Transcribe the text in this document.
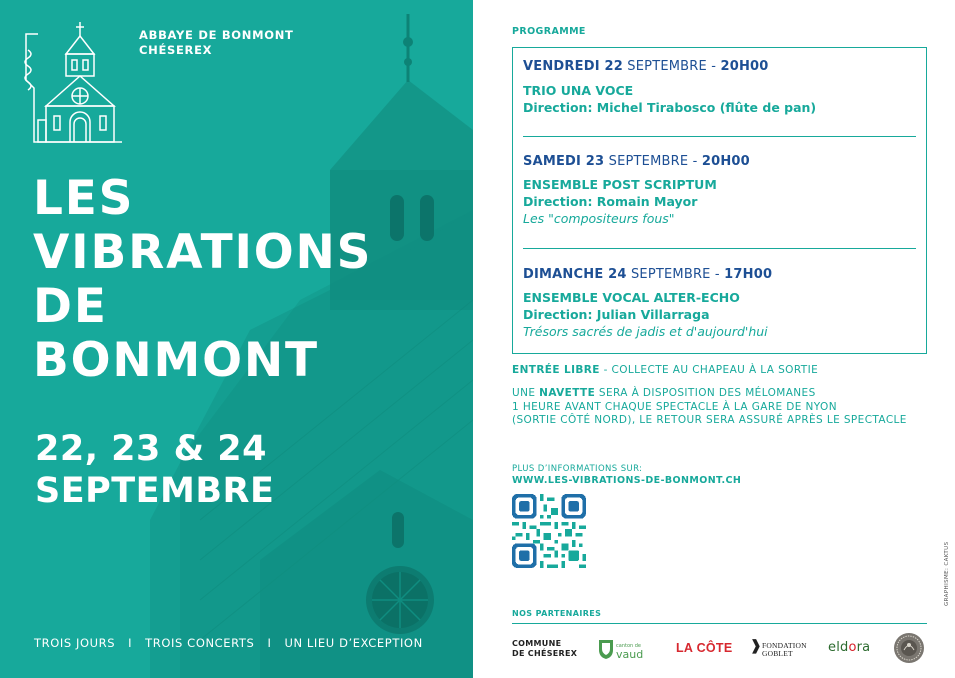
ABBAYE DE BONMONT
CHÉSEREX
LES
VIBRATIONS
DE
BONMONT
22, 23 & 24
SEPTEMBRE
TROIS JOURS I TROIS CONCERTS I UN LIEU D’EXCEPTION
PROGRAMME
VENDREDI 22 SEPTEMBRE - 20H00
TRIO UNA VOCE
Direction: Michel Tirabosco (flûte de pan)
SAMEDI 23 SEPTEMBRE - 20H00
ENSEMBLE POST SCRIPTUM
Direction: Romain Mayor
Les "compositeurs fous"
DIMANCHE 24 SEPTEMBRE - 17H00
ENSEMBLE VOCAL ALTER-ECHO
Direction: Julian Villarraga
Trésors sacrés de jadis et d'aujourd'hui
ENTRÉE LIBRE - COLLECTE AU CHAPEAU À LA SORTIE
UNE NAVETTE SERA À DISPOSITION DES MÉLOMANES
1 HEURE AVANT CHAQUE SPECTACLE À LA GARE DE NYON
(SORTIE CÔTÉ NORD), LE RETOUR SERA ASSURÉ APRÈS LE SPECTACLE
PLUS D’INFORMATIONS SUR:
WWW.LES-VIBRATIONS-DE-BONMONT.CH
NOS PARTENAIRES
COMMUNE
DE CHÉSEREX
canton de
vaud	LA CÔTE ❱ FONDATION
GOBLET	eldora
GRAPHISME: CAKTUS
